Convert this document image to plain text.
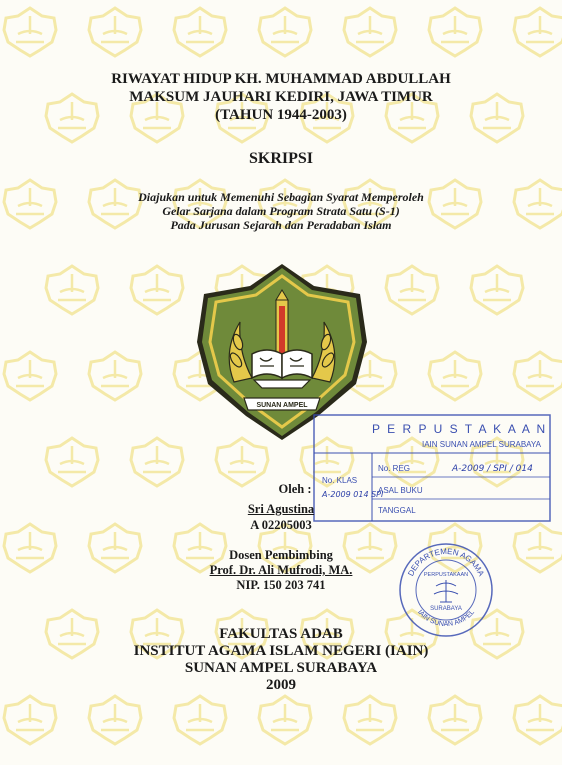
RIWAYAT HIDUP KH. MUHAMMAD ABDULLAH
MAKSUM JAUHARI KEDIRI, JAWA TIMUR
(TAHUN 1944-2003)
SKRIPSI
Diajukan untuk Memenuhi Sebagian Syarat Memperoleh
Gelar Sarjana dalam Program Strata Satu (S-1)
Pada Jurusan Sejarah dan Peradaban Islam
SUNAN AMPEL
P E R P U S T A K A A N
IAIN SUNAN AMPEL SURABAYA
No. KLAS
A-2009 014 SPI
No. REG	A-2009 / SPI / 014
ASAL BUKU
TANGGAL
Oleh :
Sri Agustina
A 02205003
Dosen Pembimbing
Prof. Dr. Ali Mufrodi, MA.
NIP. 150 203 741
DEPARTEMEN AGAMA
IAIN SUNAN AMPEL
PERPUSTAKAAN
SURABAYA
FAKULTAS ADAB
INSTITUT AGAMA ISLAM NEGERI (IAIN)
SUNAN AMPEL SURABAYA
2009
